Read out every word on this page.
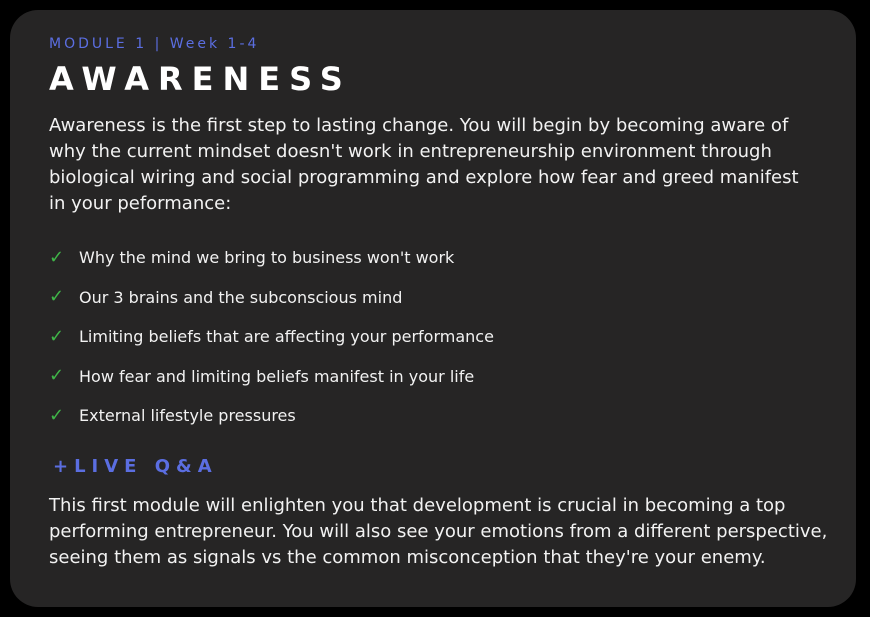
MODULE 1 | Week 1-4
AWARENESS

Awareness is the first step to lasting change. You will begin by becoming aware of why the current mindset doesn't work in entrepreneurship environment through biological wiring and social programming and explore how fear and greed manifest in your peformance:

✓ Why the mind we bring to business won't work
✓ Our 3 brains and the subconscious mind
✓ Limiting beliefs that are affecting your performance
✓ How fear and limiting beliefs manifest in your life
✓ External lifestyle pressures
+LIVE Q&A

This first module will enlighten you that development is crucial in becoming a top performing entrepreneur. You will also see your emotions from a different perspective, seeing them as signals vs the common misconception that they're your enemy.
